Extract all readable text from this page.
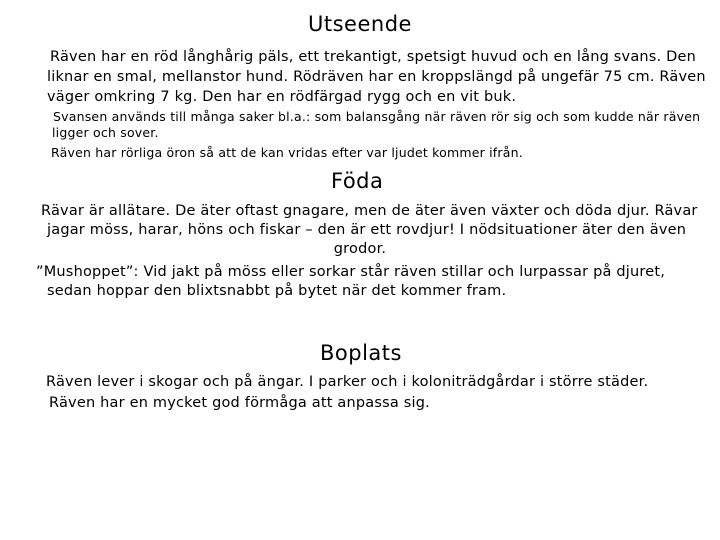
Utseende
Räven har en röd långhårig päls, ett trekantigt, spetsigt huvud och en lång svans. Den
liknar en smal, mellanstor hund. Rödräven har en kroppslängd på ungefär 75 cm. Räven
väger omkring 7 kg. Den har en rödfärgad rygg och en vit buk.
Svansen används till många saker bl.a.: som balansgång när räven rör sig och som kudde när räven
ligger och sover.
Räven har rörliga öron så att de kan vridas efter var ljudet kommer ifrån.
Föda
Rävar är allätare. De äter oftast gnagare, men de äter även växter och döda djur. Rävar
jagar möss, harar, höns och fiskar – den är ett rovdjur! I nödsituationer äter den även
grodor.
”Mushoppet”: Vid jakt på möss eller sorkar står räven stillar och lurpassar på djuret,
sedan hoppar den blixtsnabbt på bytet när det kommer fram.
Boplats
Räven lever i skogar och på ängar. I parker och i koloniträdgårdar i större städer.
Räven har en mycket god förmåga att anpassa sig.
